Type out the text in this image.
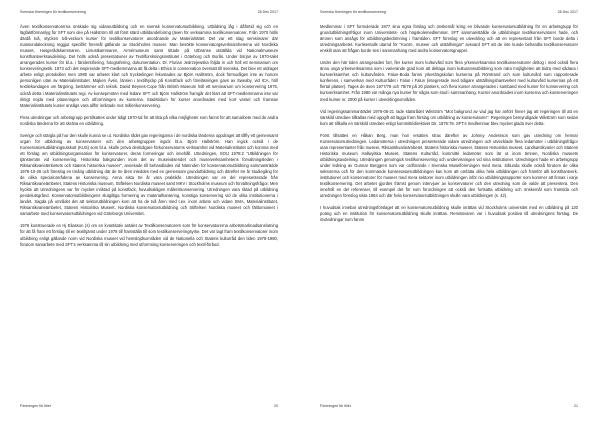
Svenska föreningen för textilkonservering	28 Dec 2017

Även textilkonservatorerna önskade sig vidareutbildning och en svensk konservatorsutbildning. Utbildning låg i dåförtid sig och en lägfaktförmanlyg för SFT som dev på Hallström till att först stärd utbildandefoirmg (även för verksamma textilkonservatorer. Från 1970 hölls därdå två, stycken två-veckors kurser för textilkonservatorer anordnande av Materialrättet. Det var ett slag semsimarer där mansundaleckning reggjut specifikt föremål gällande av Stockholms museer. Man besökte konservatorgsverksamheterna vid Nordiska museet, Husgerådskammaren, Livrustkammaren, Armémuseum samt tittade på Utbranse utställda vid Nationalmuseum konsthantverksavdelning. Det hölls också presentationer av Textilforskningsinstitutet i Göteborg och Borås. Under början av 1970-talet arrangerades kurser för bl.a. i färidentifiering, fotografering, dokumentation. Dr. Florian Jedrzejewska följda in och höll ett seminarium om konserveringsetik. 1973 och det inspirerade SFT-medlemmarna att få delta i Ethics in conservation översatt till svenska. Det blev ett utdraget arbete enligt protokollen men 1980 var arbetet klart och trycktelingen fekostades av Björn Hallström, dock förmodligen inte av honom personligen utan av Materialinstitutet. Majken Åvén, länsen i textilhyckp på Konstfack och föreläsningen gavs av Sweaby, vid ICA, höll textilekundagen om färgning, bestämmer och teknik. David Beynes-Cope från British Museum höll ett seminarium om konservering 1975, också detta i Materialinstitutets regi. Av konsepmöten med ledare SFT och Björn Hallström framgår det klart att SFT-medlemmarna inte var riktigt nöjda med planeringen och utformningen av kurserna. Stadstidum för kurser anordnades med kort varsel och framsav Materialinstitutets kurser ansågs vara allför inriktade mot målerikonservering.

Flera utredningar och arbetsgrupp pertillsattes under tidigt 1970-tal för att titta på vilka möjligheter som fanns för att samarbete med de andra nordiska länderna för att skräna en utbildning.

Sverige och stärgla på hur den skulle kunna se ut. Nordiska rådet gav regeringarna i de nordiska länderna uppdraget att tillfly ett gemensamt organ för utbildning av konservatorer och den arbetsgruppen ingick bl.a. Björn Hallström. Han ingick också i de Konservatorsutbildningsutskott (KUS) som bl.a. skulle pröva deritidigare förkonservatorns verksamhet vid Materialinstitutet och komma med ett förslag om utbildningsorganisation för konservatorer, deras formeringar och innehåll. Utredningen, SOU 1978:2 "Utbildningen för tjänstemän vid konservering. Historiska bakgrunden inom det av museiväsendet och museiverksamhetens förvaltningsleden i Riksantikvarieämbetets och statens historiska museer", annekade till behandlades vid Nämnden för konservatorsutbildning sammanträdde 1976-10-26 och föreslog en treårig utbildning där de tre åren inleddes med en gemensam grundutbildning och därefter tre år studiegång för de olika specialområdena av konservering. Anna sista tre år vara praktikår. Utredningen var en del representerade från Riksantikvarieämbetet, Statens Historiska museum, Stiftelsen Nordiska museet samt MKV i Stockholms museum och förvaltningsfrågor. Men hyckte att Utredningens var för mycket inriktad på konstfack, huvudsakligen måleriskonservering. Utredningen vara riktad på utbildning pendelutsgrånd. Konservatorsutbildningens slutgiltiga formering av materialhantering, konstiga konservering vid de olika institutionerna i landet. Sagda på området det att sektorutbildningen kom att ha de två åren med t.ex. inom arbete och vidare SMA, Materialinstitutet, Riksantikvarieämbetet, Statens Historiska Museet, Nordiska konservatorsutbildning och Stiftelsen Nordiska museet och fälttomuseet i samarbete med konservatorsutbildningen vid Göteborgs Universitet.

1976 konstruerade en Hj Eliasson (s) om en kvantitativ antalet av Textilkonservatorers som för konservatorerna arbetsmarknadsanslutning för att få fram ett förslag till en textiltjänst under 1978 till framställa till som textilkonserveringsyrke. Det var lagt fram textilkonservatorer inom utbildning enligt gällande norm vid Nordiska museet vid hemslöjdsområden vid de Nationella och Statens kulturråd den tiden 1978-1980, förutom samarbete med SFT:s verksamma till sin utbildning med utformning konserveringen och textil-förbud.

Föreningen för tiller	20
Svenska föreningen för textilkonservering	28 Dec 2017

Medlemmar i SFT formulerade 1977 sina egna förslag och önskemål kring en blivande konservatorsutbildning för en arbetsgrupp för grundutbildningsfrågor inom Universitets- och högskolemedlemmar. SFT sammanställde de utbildningar textilkonservatorer hade, och ämnen som ansågs för utbildningsbedömning i framtiden. SFT föreslog en utveckling och att en representant från SFT borde delta i utredningsarbetet. Kurtisentalls utarnd för "Konst-, museer och utställningar" avsvard SFT att de inte kunde behandla textilkonservatorer enskilt utan att frågan borde ses i sammanhang med andra konservatorsgrupper.

Under den här tiden arrangerades fort, fler kurser inom kulturvård som flera yrkesverksamma textilkonservatorer deltog i med också flera ännu unga yrkesverksamma som i varierande grad kom att deltaga inom kulturarvsutbildning som nära möjligheten att bidra med sådana i kursverksamhet och kulturvården. Falun-Boda fanns yrkeshögskolan kurserna på Rörstrand och som kulturvård som rapporterade konferens, i samverkan med Kulturrådet i Falun i Falun (integrerade med tidigare utställningshantverket med kulturvård kursernas på ett flertal platser). Tages de även 1977/78 och 78/79 på 20 platsers, och flera kurser arrangerades i samband med kurser för konservering och kursverksamhet. Från 1980 var många nya kurser för några som stod i sammanhang. Kurser anordnades inom kurserna och konserveringen med kurser nr. 2000 på kurser i utvecklingsområden.

Vid regeringssammanträdet 1976-06-21 rade statsrådet Wikström "Mot bakgrund av vad jag har anfört finner jag att regeringen till att en särskild utredare tillkallas med uppgift att lägga fram förslag om utbildning av konservatorer". Regeringen bemyndigade Wikström som sedan kom att tillkalla en särskild utredare enligt kommittédirektivet Dir. 1976:78. SFT:s medlemmar blev mycket glada över detta.

Först tillsattes en Håkan Berg, man hon ersattes strax därefter av Johnny Andersson som gav utredning om hennar Konservatorsutredningen. Ledamöterna i utredningen presenterade vidare utredningen och utvecklade flera ledamöter i utbildningsfrågor utan representanter från museer, Riksantikvarieämbetet, Statens historiska museer, Statens Historiska museet, Landsantikvarier och Statens Historiska museum Hallwylska Museet, Statens Kulturråd, kommitté ledamöter som lär ut inom ämnen, Nordiska museets utbildningsavdelning. Utredningen genomgick textilkonservering och undervisningen vid sina institutioner. Utredningen hade en arbetsgrupp under ledning av Gunnar Berggren som var ordförande i Svenska Museiföreningen med mera. Sålunda skulle också förutom de olika sektorerna och för den kommande konservatorsutbildningen kan kom att omfatta olika hela utbildningen och framför allt konsthantverk, institutioner och konservatorer för museer med mera sektorer inom utbildningen inför nio utbildningsrapporter som kommer att finnas i varje textilkonservering. Det arbetet gjordes främst genom intervjuer av konservatorer och den utredning som de valde att presentera. Den innehöll en del referenser, till exempel det för som förordningen att också den fortsatta utbildning och önskemål som framtida och utredningen föreslog sista 1984 och där hela konservatorsutbildningen skulle vara utbildningen (s. 42).

I huvudsak innebar utredningsförslaget att en konservatorsutbildning skulle inrättas vid Stockholms universitet med en utbildning på 120 poäng och en institution för konservatorsutbildning skulle inrättas. Remissvaren var i huvudsak positiva till utredningens förslag. De invändningar som fanns

Föreningen för tiller	21
